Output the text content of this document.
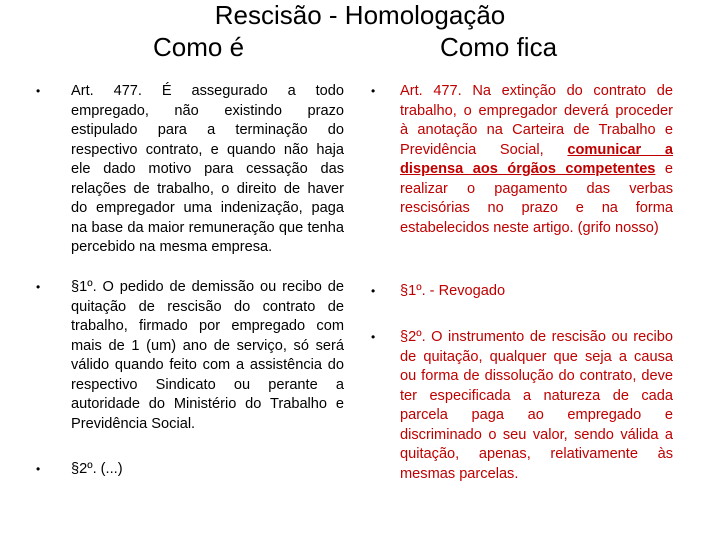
Rescisão - Homologação
Como é	Como fica
• Art. 477. É assegurado a todo empregado, não existindo prazo estipulado para a terminação do respectivo contrato, e quando não haja ele dado motivo para cessação das relações de trabalho, o direito de haver do empregador uma indenização, paga na base da maior remuneração que tenha percebido na mesma empresa.
• §1º. O pedido de demissão ou recibo de quitação de rescisão do contrato de trabalho, firmado por empregado com mais de 1 (um) ano de serviço, só será válido quando feito com a assistência do respectivo Sindicato ou perante a autoridade do Ministério do Trabalho e Previdência Social.
• §2º. (...)
• Art. 477. Na extinção do contrato de trabalho, o empregador deverá proceder à anotação na Carteira de Trabalho e Previdência Social, comunicar a dispensa aos órgãos competentes e realizar o pagamento das verbas rescisórias no prazo e na forma estabelecidos neste artigo. (grifo nosso)
• §1º. - Revogado
• §2º. O instrumento de rescisão ou recibo de quitação, qualquer que seja a causa ou forma de dissolução do contrato, deve ter especificada a natureza de cada parcela paga ao empregado e discriminado o seu valor, sendo válida a quitação, apenas, relativamente às mesmas parcelas.
